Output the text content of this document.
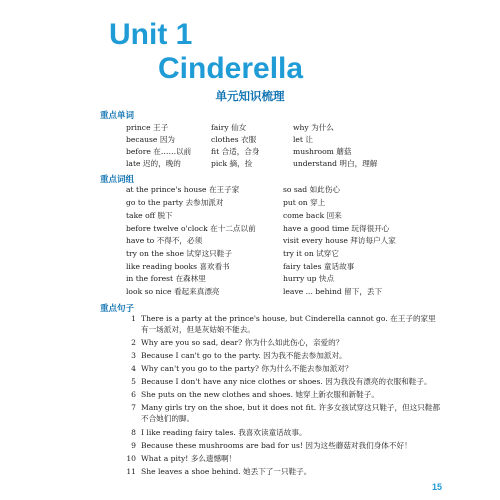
Unit 1
Cinderella
单元知识梳理
重点单词
prince 王子	fairy 仙女	why 为什么
because 因为	clothes 衣服	let 让
before 在……以前	fit 合适，合身	mushroom 蘑菇
late 迟的，晚的	pick 摘，捡	understand 明白，理解
重点词组
at the prince's house 在王子家	so sad 如此伤心
go to the party 去参加派对	put on 穿上
take off 脱下	come back 回来
before twelve o'clock 在十二点以前	have a good time 玩得很开心
have to 不得不，必须	visit every house 拜访每户人家
try on the shoe 试穿这只鞋子	try it on 试穿它
like reading books 喜欢看书	fairy tales 童话故事
in the forest 在森林里	hurry up 快点
look so nice 看起来真漂亮	leave ... behind 留下，丢下
重点句子
1 There is a party at the prince's house, but Cinderella cannot go. 在王子的家里有一场派对，但是灰姑娘不能去。
2 Why are you so sad, dear? 你为什么如此伤心，亲爱的？
3 Because I can't go to the party. 因为我不能去参加派对。
4 Why can't you go to the party? 你为什么不能去参加派对？
5 Because I don't have any nice clothes or shoes. 因为我没有漂亮的衣服和鞋子。
6 She puts on the new clothes and shoes. 她穿上新衣服和新鞋子。
7 Many girls try on the shoe, but it does not fit. 许多女孩试穿这只鞋子，但这只鞋都不合她们的脚。
8 I like reading fairy tales. 我喜欢读童话故事。
9 Because these mushrooms are bad for us! 因为这些蘑菇对我们身体不好！
10 What a pity! 多么遗憾啊！
11 She leaves a shoe behind. 她丢下了一只鞋子。
15
